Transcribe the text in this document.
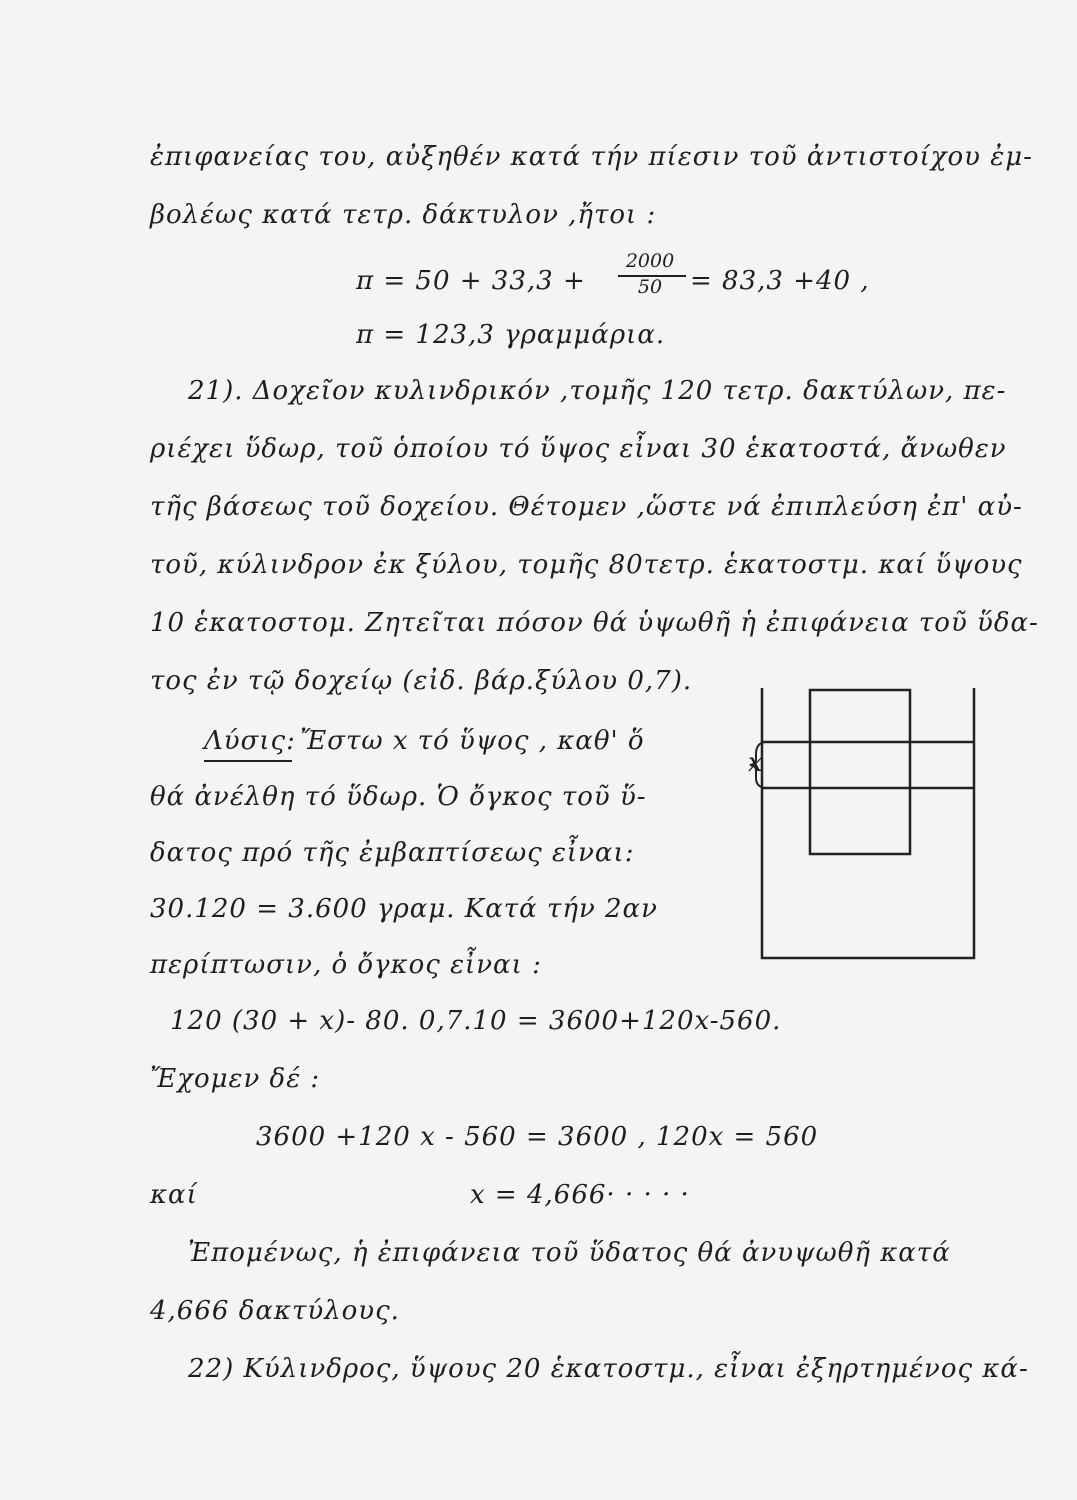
ἐπιφανείας του, αὐξηθέν κατά τήν πίεσιν τοῦ ἀντιστοίχου ἐμ-
βολέως κατά τετρ. δάκτυλον ,ἤτοι :
π = 50 + 33,3 +
2000
50	= 83,3 +40 ,
π = 123,3 γραμμάρια.
21). Δοχεῖον κυλινδρικόν ,τομῆς 120 τετρ. δακτύλων, πε-
ριέχει ὕδωρ, τοῦ ὁποίου τό ὕψος εἶναι 30 ἑκατοστά, ἄνωθεν
τῆς βάσεως τοῦ δοχείου. Θέτομεν ,ὥστε νά ἐπιπλεύση ἐπ' αὐ-
τοῦ, κύλινδρον ἐκ ξύλου, τομῆς 80τετρ. ἑκατοστμ. καί ὕψους
10 ἑκατοστομ. Ζητεῖται πόσον θά ὑψωθῆ ἡ ἐπιφάνεια τοῦ ὕδα-
τος ἐν τῷ δοχείῳ (εἰδ. βάρ.ξύλου 0,7).
Λύσις: Ἔστω x τό ὕψος , καθ' ὅ
θά ἀνέλθη τό ὕδωρ. Ὁ ὄγκος τοῦ ὕ-
δατος πρό τῆς ἐμβαπτίσεως εἶναι:
30.120 = 3.600 γραμ. Κατά τήν 2αν
περίπτωσιν, ὁ ὄγκος εἶναι :
120 (30 + x)- 80. 0,7.10 = 3600+120x-560.
Ἔχομεν δέ :
3600 +120 x - 560 = 3600 , 120x = 560
καί	x = 4,666· · · · ·
Ἐπομένως, ἡ ἐπιφάνεια τοῦ ὕδατος θά ἀνυψωθῆ κατά
4,666 δακτύλους.
22) Κύλινδρος, ὕψους 20 ἑκατοστμ., εἶναι ἐξηρτημένος κά-
x
